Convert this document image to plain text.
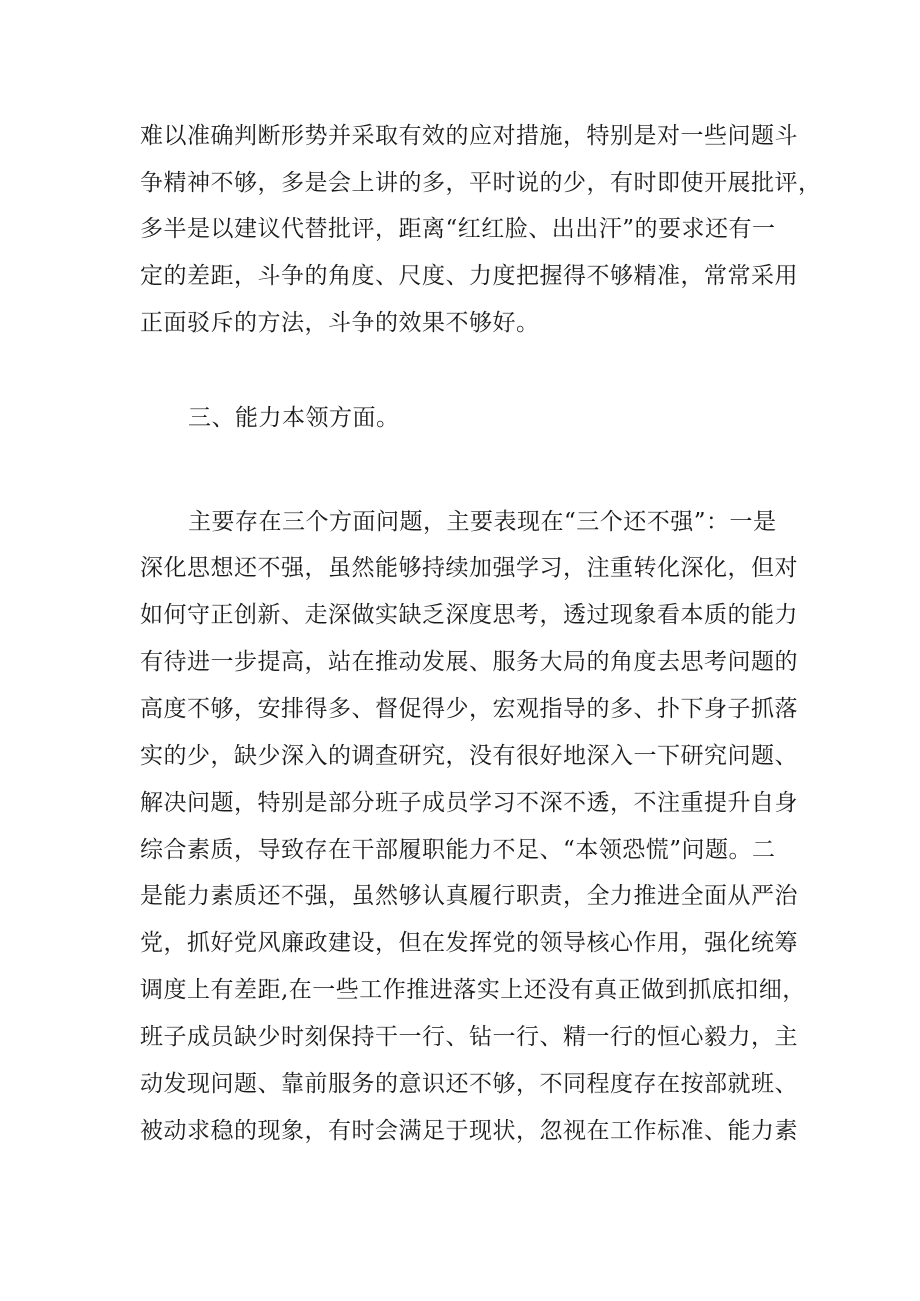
难以准确判断形势并采取有效的应对措施，特别是对一些问题斗
争精神不够，多是会上讲的多，平时说的少，有时即使开展批评，
多半是以建议代替批评，距离“红红脸、出出汗”的要求还有一
定的差距，斗争的角度、尺度、力度把握得不够精准，常常采用
正面驳斥的方法，斗争的效果不够好。
三、能力本领方面。
主要存在三个方面问题，主要表现在“三个还不强”：一是
深化思想还不强，虽然能够持续加强学习，注重转化深化，但对
如何守正创新、走深做实缺乏深度思考，透过现象看本质的能力
有待进一步提高，站在推动发展、服务大局的角度去思考问题的
高度不够，安排得多、督促得少，宏观指导的多、扑下身子抓落
实的少，缺少深入的调查研究，没有很好地深入一下研究问题、
解决问题，特别是部分班子成员学习不深不透，不注重提升自身
综合素质，导致存在干部履职能力不足、“本领恐慌”问题。二
是能力素质还不强，虽然够认真履行职责，全力推进全面从严治
党，抓好党风廉政建设，但在发挥党的领导核心作用，强化统筹
调度上有差距,在一些工作推进落实上还没有真正做到抓底扣细，
班子成员缺少时刻保持干一行、钻一行、精一行的恒心毅力，主
动发现问题、靠前服务的意识还不够，不同程度存在按部就班、
被动求稳的现象，有时会满足于现状，忽视在工作标准、能力素
